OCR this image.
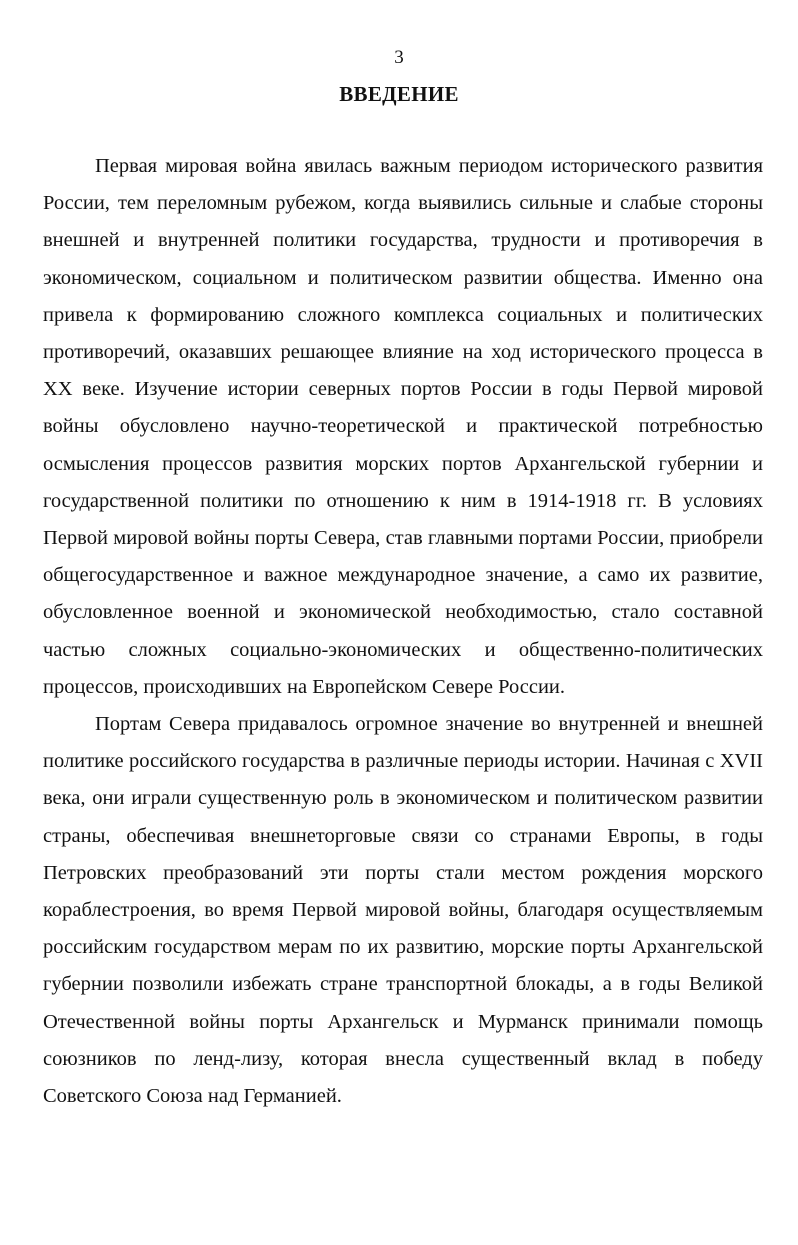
3
ВВЕДЕНИЕ

Первая мировая война явилась важным периодом исторического развития России, тем переломным рубежом, когда выявились сильные и слабые стороны внешней и внутренней политики государства, трудности и противоречия в экономическом, социальном и политическом развитии общества. Именно она привела к формированию сложного комплекса социальных и политических противоречий, оказавших решающее влияние на ход исторического процесса в XX веке. Изучение истории северных портов России в годы Первой мировой войны обусловлено научно-теоретической и практической потребностью осмысления процессов развития морских портов Архангельской губернии и государственной политики по отношению к ним в 1914-1918 гг. В условиях Первой мировой войны порты Севера, став главными портами России, приобрели общегосударственное и важное международное значение, а само их развитие, обусловленное военной и экономической необходимостью, стало составной частью сложных социально-экономических и общественно-политических процессов, происходивших на Европейском Севере России.

Портам Севера придавалось огромное значение во внутренней и внешней политике российского государства в различные периоды истории. Начиная с XVII века, они играли существенную роль в экономическом и политическом развитии страны, обеспечивая внешнеторговые связи со странами Европы, в годы Петровских преобразований эти порты стали местом рождения морского кораблестроения, во время Первой мировой войны, благодаря осуществляемым российским государством мерам по их развитию, морские порты Архангельской губернии позволили избежать стране транспортной блокады, а в годы Великой Отечественной войны порты Архангельск и Мурманск принимали помощь союзников по ленд-лизу, которая внесла существенный вклад в победу Советского Союза над Германией.
